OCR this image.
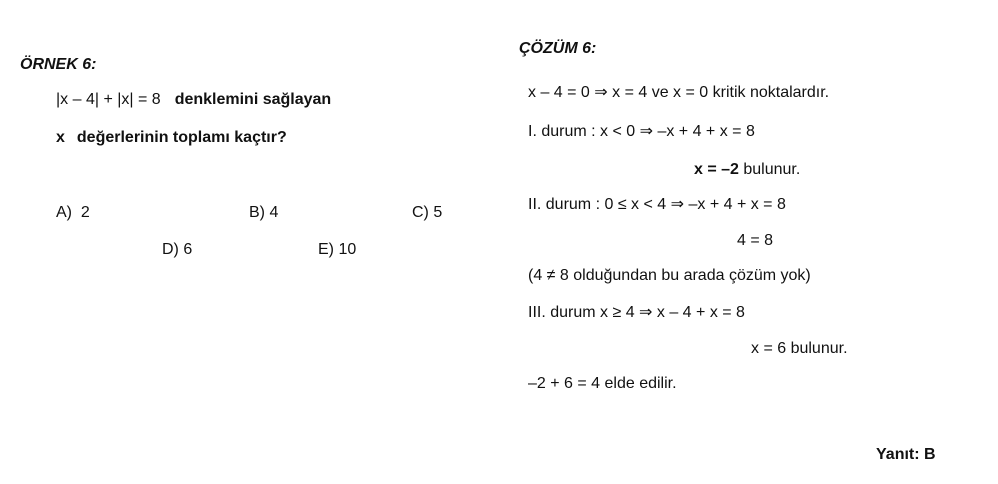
ÖRNEK 6:
|x – 4| + |x| = 8 denklemini sağlayan
x değerlerinin toplamı kaçtır?
A) 2	B) 4	C) 5
D) 6	E) 10
ÇÖZÜM 6:
x – 4 = 0 ⇒ x = 4 ve x = 0 kritik noktalardır.
I. durum : x < 0 ⇒ –x + 4 + x = 8
x = –2 bulunur.
II. durum : 0 ≤ x < 4 ⇒ –x + 4 + x = 8
4 = 8
(4 ≠ 8 olduğundan bu arada çözüm yok)
III. durum x ≥ 4 ⇒ x – 4 + x = 8
x = 6 bulunur.
–2 + 6 = 4 elde edilir.
Yanıt: B
